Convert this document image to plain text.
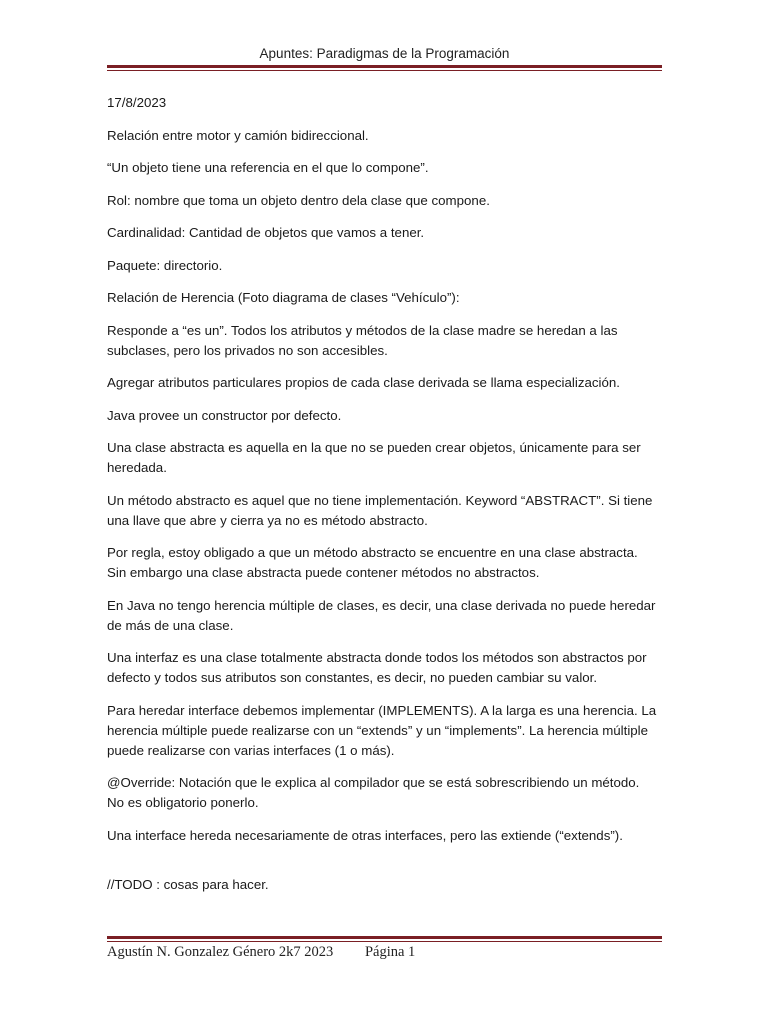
Apuntes: Paradigmas de la Programación

17/8/2023

Relación entre motor y camión bidireccional.

“Un objeto tiene una referencia en el que lo compone”.

Rol: nombre que toma un objeto dentro dela clase que compone.

Cardinalidad: Cantidad de objetos que vamos a tener.

Paquete: directorio.

Relación de Herencia (Foto diagrama de clases “Vehículo”):

Responde a “es un”. Todos los atributos y métodos de la clase madre se heredan a las subclases, pero los privados no son accesibles.

Agregar atributos particulares propios de cada clase derivada se llama especialización.

Java provee un constructor por defecto.

Una clase abstracta es aquella en la que no se pueden crear objetos, únicamente para ser heredada.

Un método abstracto es aquel que no tiene implementación. Keyword “ABSTRACT”. Si tiene una llave que abre y cierra ya no es método abstracto.

Por regla, estoy obligado a que un método abstracto se encuentre en una clase abstracta. Sin embargo una clase abstracta puede contener métodos no abstractos.

En Java no tengo herencia múltiple de clases, es decir, una clase derivada no puede heredar de más de una clase.

Una interfaz es una clase totalmente abstracta donde todos los métodos son abstractos por defecto y todos sus atributos son constantes, es decir, no pueden cambiar su valor.

Para heredar interface debemos implementar (IMPLEMENTS). A la larga es una herencia. La herencia múltiple puede realizarse con un “extends” y un “implements”. La herencia múltiple puede realizarse con varias interfaces (1 o más).

@Override: Notación que le explica al compilador que se está sobrescribiendo un método. No es obligatorio ponerlo.

Una interface hereda necesariamente de otras interfaces, pero las extiende (“extends”).

//TODO : cosas para hacer.

Agustín N. Gonzalez Género 2k7 2023 Página 1
